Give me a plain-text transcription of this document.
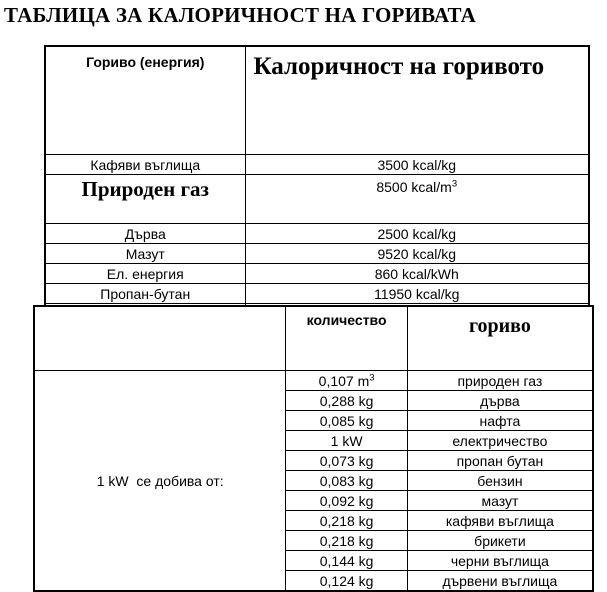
ТАБЛИЦА ЗА КАЛОРИЧНОСТ НА ГОРИВАТА
Гориво (енергия)	Калоричност на горивото
Кафяви въглища	3500 kcal/kg
Природен газ	8500 kcal/$m^3$
Дърва	2500 kcal/kg
Мазут	9520 kcal/kg
Ел. енергия	860 kcal/kWh
Пропан-бутан	11950 kcal/kg

	количество	гориво
1 kW  се добива от:	0,107 $m^3$	природен газ
	0,288 kg	дърва
	0,085 kg	нафта
	1 kW	електричество
	0,073 kg	пропан бутан
	0,083 kg	бензин
	0,092 kg	мазут
	0,218 kg	кафяви въглища
	0,218 kg	брикети
	0,144 kg	черни въглища
	0,124 kg	дървени въглища
